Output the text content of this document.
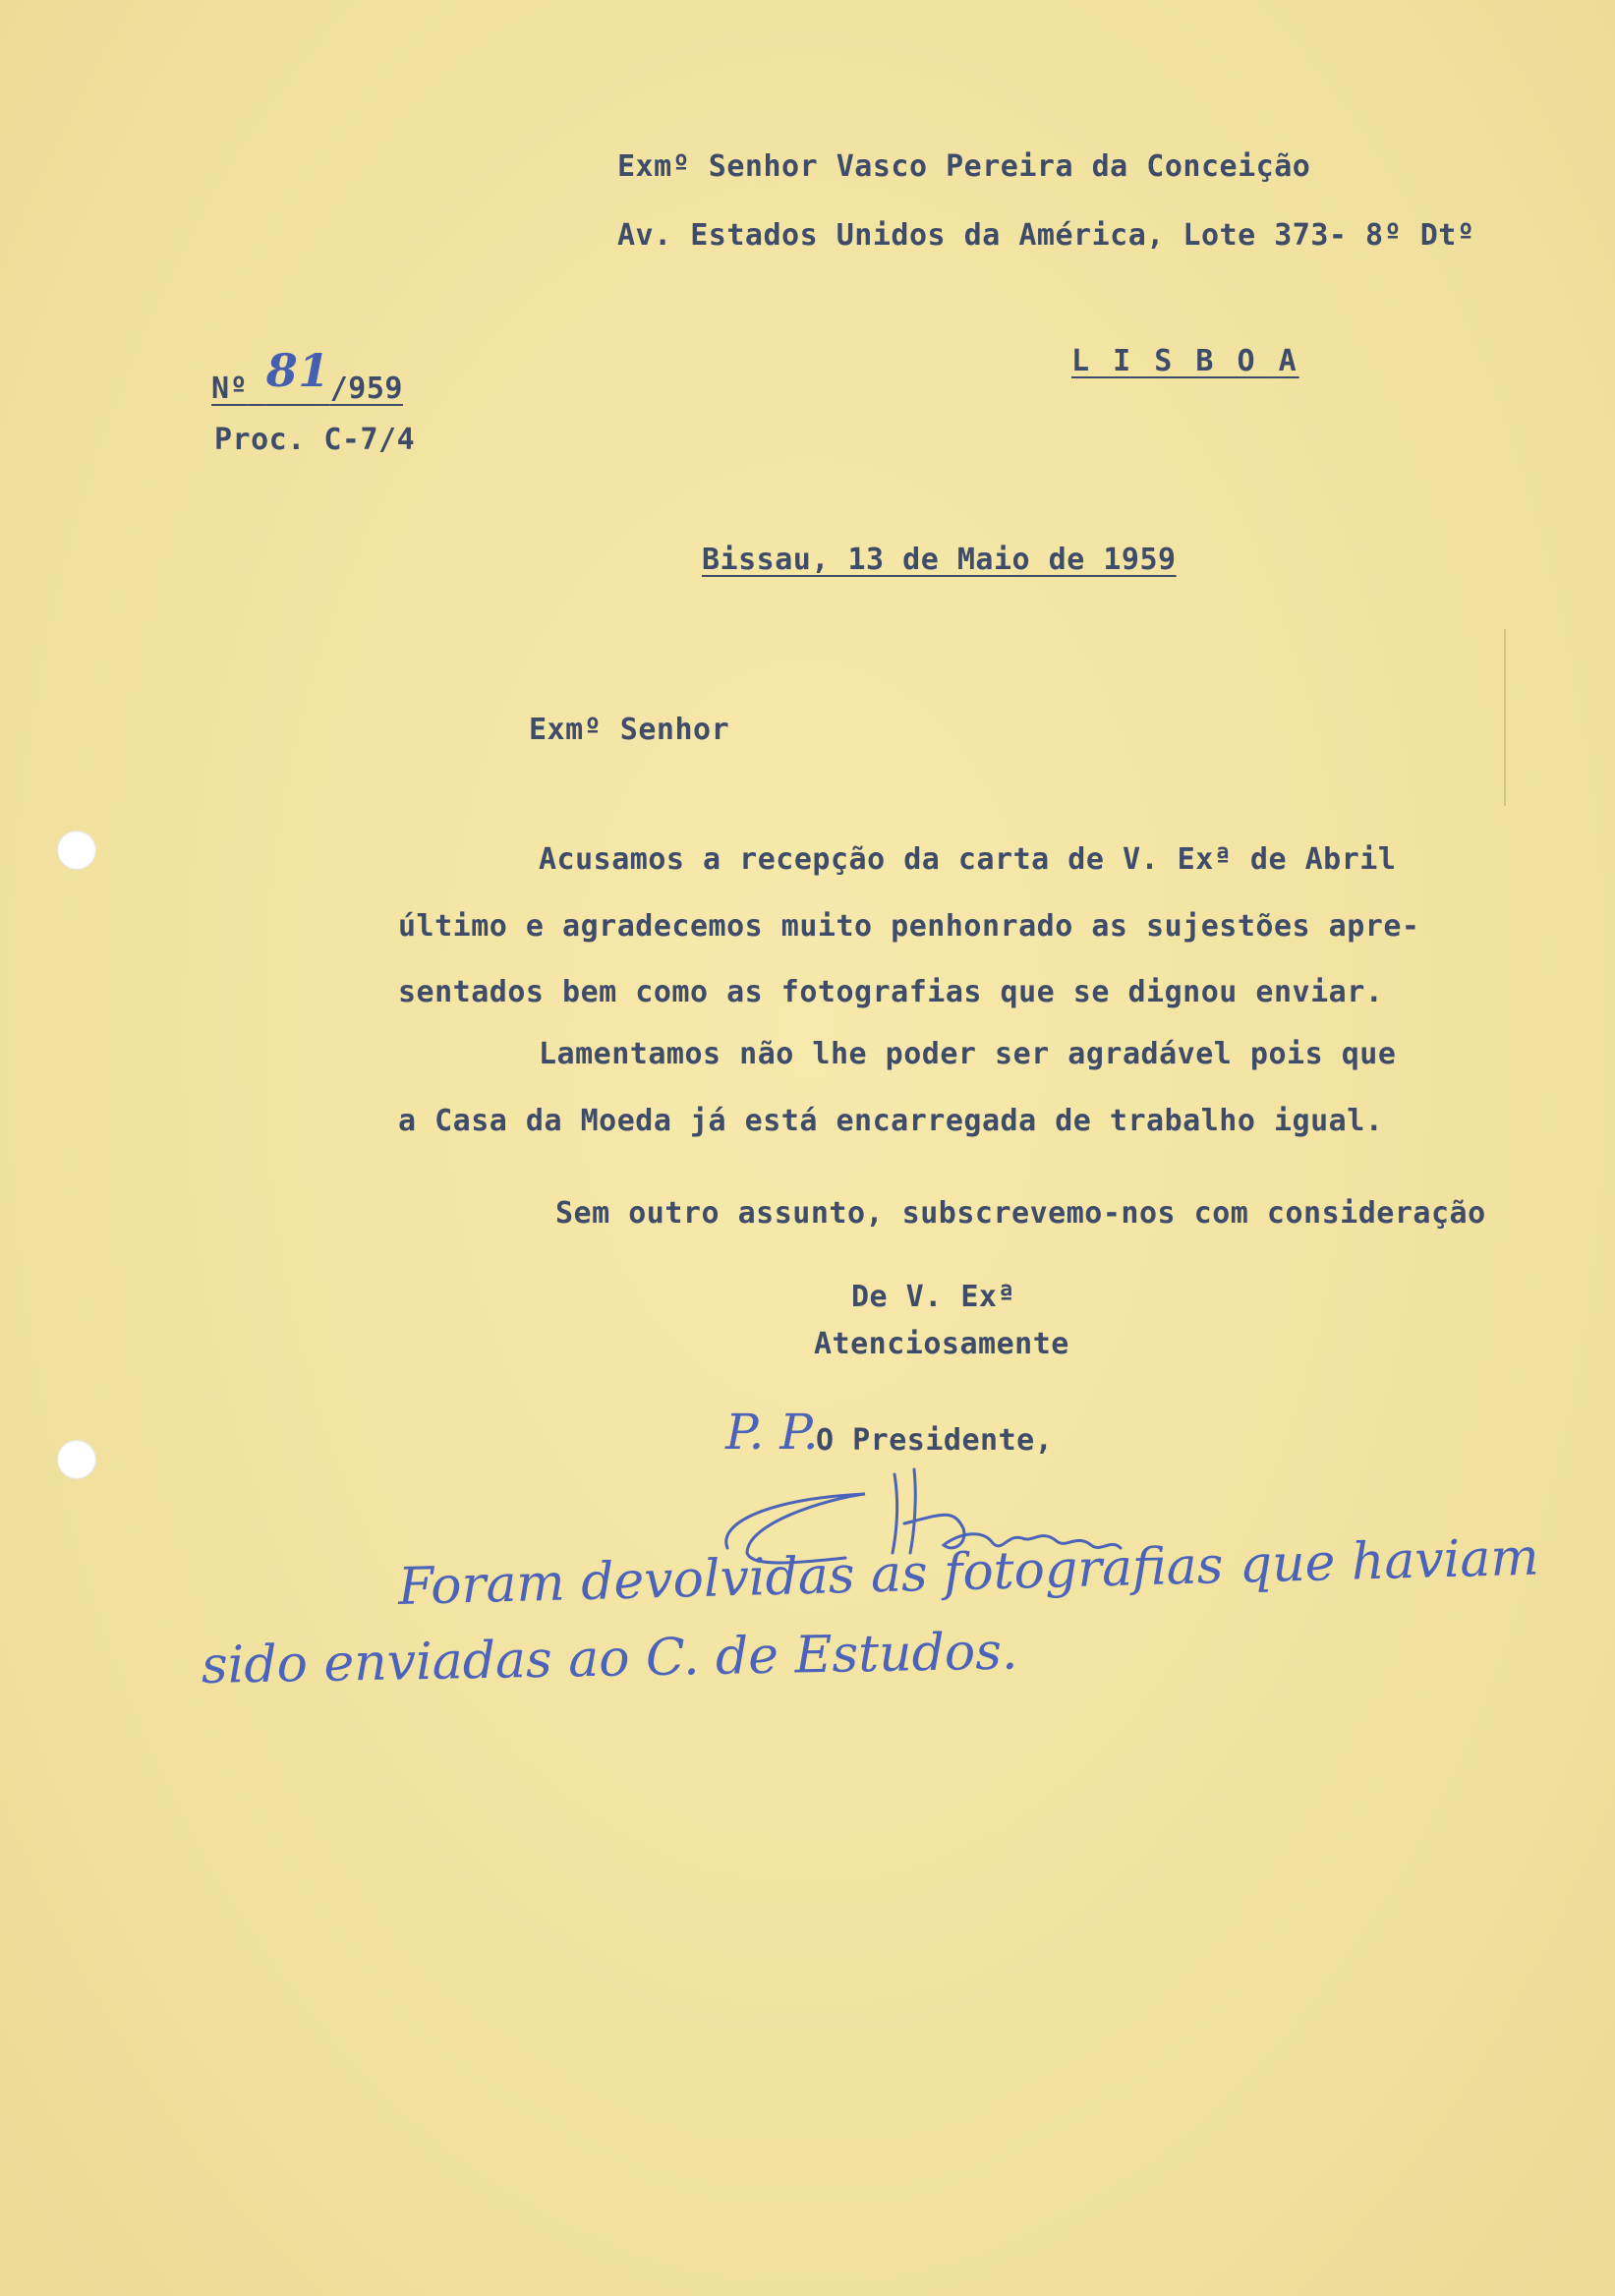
Exmº Senhor Vasco Pereira da Conceição
Av. Estados Unidos da América, Lote 373- 8º Dtº
L I S B O A
Nº 81/959
Proc. C-7/4
Bissau, 13 de Maio de 1959
Exmº Senhor
Acusamos a recepção da carta de V. Exª de Abril
último e agradecemos muito penhonrado as sujestões apre-
sentados bem como as fotografias que se dignou enviar.
Lamentamos não lhe poder ser agradável pois que
a Casa da Moeda já está encarregada de trabalho igual.
Sem outro assunto, subscrevemo-nos com consideração
De V. Exª
Atenciosamente
P. P.
O Presidente,
Foram devolvidas as fotografias que haviam
sido enviadas ao C. de Estudos.
